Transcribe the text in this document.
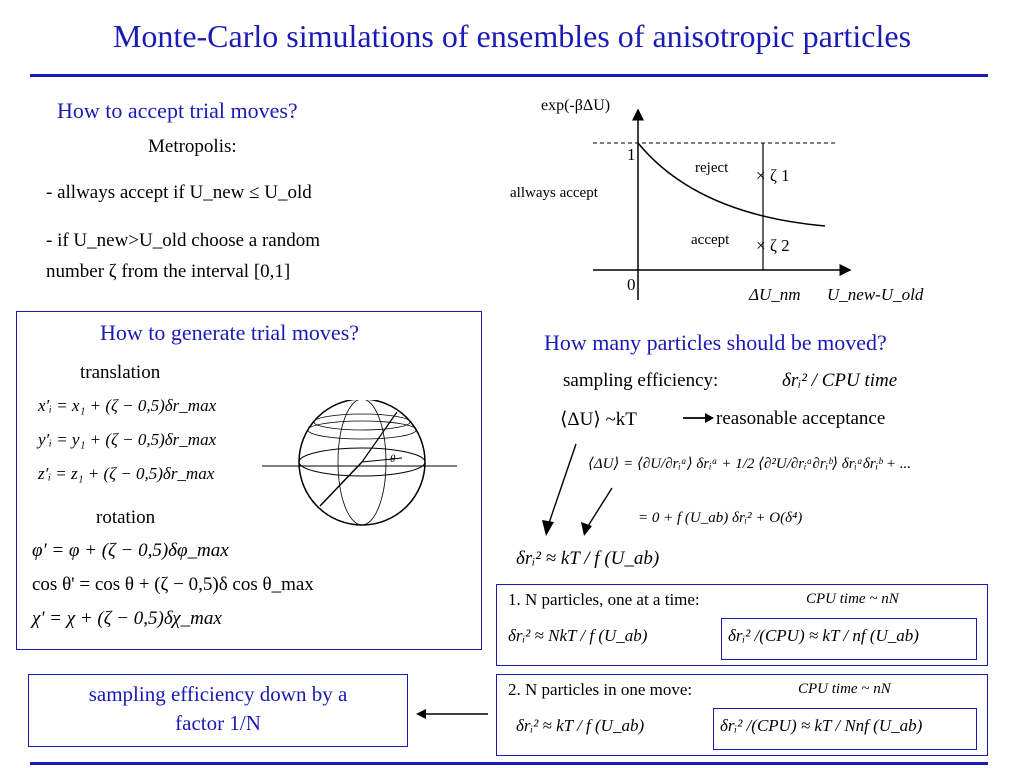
Monte-Carlo simulations of ensembles of anisotropic particles
How to accept trial moves?
Metropolis:
- allways accept if U_new ≤ U_old
- if U_new>U_old choose a random
number ζ from the interval [0,1]
exp(-βΔU)
1
0
allways accept
reject
accept
× ζ 1
× ζ 2
ΔU_nm U_new-U_old
How to generate trial moves?
translation
x′ᵢ = x₁ + (ζ − 0,5)δr_max
y′ᵢ = y₁ + (ζ − 0,5)δr_max
z′ᵢ = z₁ + (ζ − 0,5)δr_max
rotation
φ' = φ + (ζ − 0,5)δφ_max
cos θ' = cos θ + (ζ − 0,5)δ cos θ_max
χ' = χ + (ζ − 0,5)δχ_max
θ
How many particles should be moved?
sampling efficiency:	δrᵢ² / CPU time
⟨ΔU⟩ ~kT	reasonable acceptance
⟨ΔU⟩ = ⟨∂U/∂rᵢᵃ⟩ δrᵢᵃ + 1/2 ⟨∂²U/∂rᵢᵃ∂rᵢᵇ⟩ δrᵢᵃδrᵢᵇ + ...
= 0 + f (U_ab) δrᵢ² + O(δ⁴)
δrᵢ² ≈ kT / f (U_ab)
1. N particles, one at a time:	CPU time ~ nN
δrᵢ² ≈ NkT / f (U_ab)	δrᵢ² /(CPU) ≈ kT / nf (U_ab)
2. N particles in one move:	CPU time ~ nN
δrᵢ² ≈ kT / f (U_ab)	δrᵢ² /(CPU) ≈ kT / Nnf (U_ab)
sampling efficiency down by a
factor 1/N
